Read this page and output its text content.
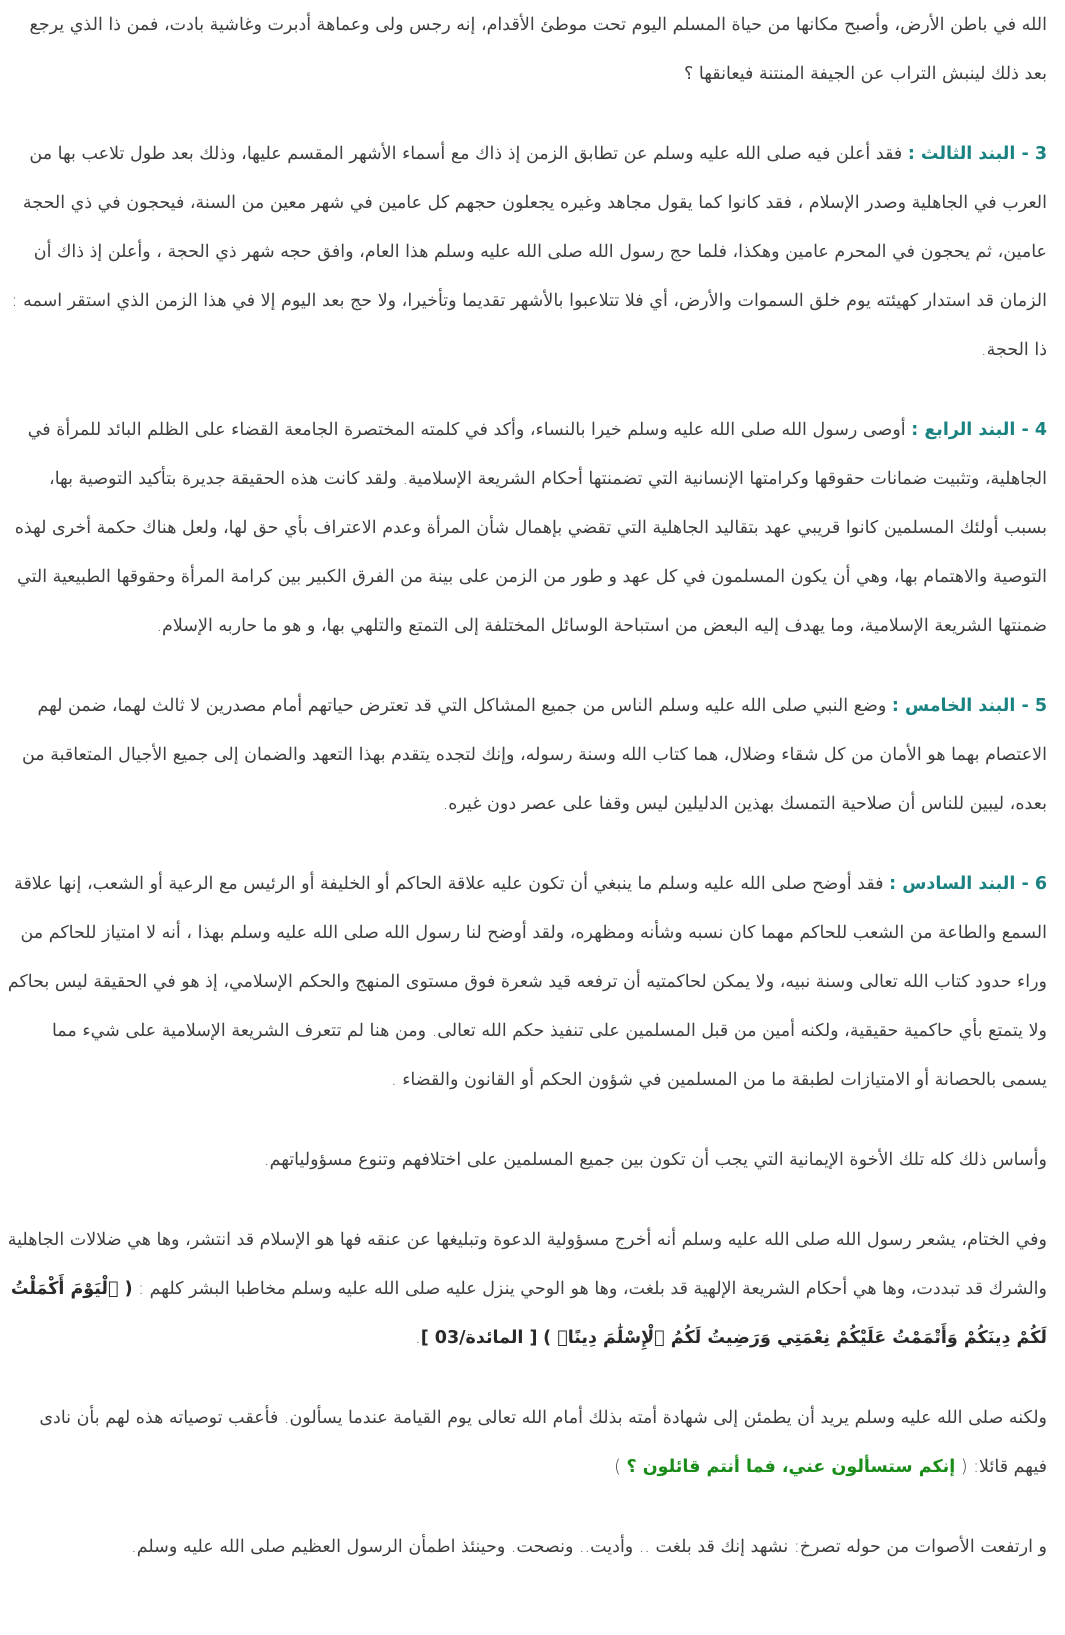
الله في باطن الأرض، وأصبح مكانها من حياة المسلم اليوم تحت موطئ الأقدام، إنه رجس ولى وعماهة أدبرت وغاشية بادت، فمن ذا الذي يرجع بعد ذلك لينبش التراب عن الجيفة المنتنة فيعانقها ؟

3 - البند الثالث : فقد أعلن فيه صلى الله عليه وسلم عن تطابق الزمن إذ ذاك مع أسماء الأشهر المقسم عليها، وذلك بعد طول تلاعب بها من العرب في الجاهلية وصدر الإسلام ، فقد كانوا كما يقول مجاهد وغيره يجعلون حجهم كل عامين في شهر معين من السنة، فيحجون في ذي الحجة عامين، ثم يحجون في المحرم عامين وهكذا، فلما حج رسول الله صلى الله عليه وسلم هذا العام، وافق حجه شهر ذي الحجة ، وأعلن إذ ذاك أن الزمان قد استدار كهيئته يوم خلق السموات والأرض، أي فلا تتلاعبوا بالأشهر تقديما وتأخيرا، ولا حج بعد اليوم إلا في هذا الزمن الذي استقر اسمه : ذا الحجة.

4 - البند الرابع : أوصى رسول الله صلى الله عليه وسلم خيرا بالنساء، وأكد في كلمته المختصرة الجامعة القضاء على الظلم البائد للمرأة في الجاهلية، وتثبيت ضمانات حقوقها وكرامتها الإنسانية التي تضمنتها أحكام الشريعة الإسلامية. ولقد كانت هذه الحقيقة جديرة بتأكيد التوصية بها، بسبب أولئك المسلمين كانوا قريبي عهد بتقاليد الجاهلية التي تقضي بإهمال شأن المرأة وعدم الاعتراف بأي حق لها، ولعل هناك حكمة أخرى لهذه التوصية والاهتمام بها، وهي أن يكون المسلمون في كل عهد و طور من الزمن على بينة من الفرق الكبير بين كرامة المرأة وحقوقها الطبيعية التي ضمنتها الشريعة الإسلامية، وما يهدف إليه البعض من استباحة الوسائل المختلفة إلى التمتع والتلهي بها، و هو ما حاربه الإسلام.

5 - البند الخامس : وضع النبي صلى الله عليه وسلم الناس من جميع المشاكل التي قد تعترض حياتهم أمام مصدرين لا ثالث لهما، ضمن لهم الاعتصام بهما هو الأمان من كل شقاء وضلال، هما كتاب الله وسنة رسوله، وإنك لتجده يتقدم بهذا التعهد والضمان إلى جميع الأجيال المتعاقبة من بعده، ليبين للناس أن صلاحية التمسك بهذين الدليلين ليس وقفا على عصر دون غيره.

6 - البند السادس : فقد أوضح صلى الله عليه وسلم ما ينبغي أن تكون عليه علاقة الحاكم أو الخليفة أو الرئيس مع الرعية أو الشعب، إنها علاقة السمع والطاعة من الشعب للحاكم مهما كان نسبه وشأنه ومظهره، ولقد أوضح لنا رسول الله صلى الله عليه وسلم بهذا ، أنه لا امتياز للحاكم من وراء حدود كتاب الله تعالى وسنة نبيه، ولا يمكن لحاكمتيه أن ترفعه قيد شعرة فوق مستوى المنهج والحكم الإسلامي، إذ هو في الحقيقة ليس بحاكم ولا يتمتع بأي حاكمية حقيقية، ولكنه أمين من قبل المسلمين على تنفيذ حكم الله تعالى. ومن هنا لم تتعرف الشريعة الإسلامية على شيء مما يسمى بالحصانة أو الامتيازات لطبقة ما من المسلمين في شؤون الحكم أو القانون والقضاء .

وأساس ذلك كله تلك الأخوة الإيمانية التي يجب أن تكون بين جميع المسلمين على اختلافهم وتنوع مسؤولياتهم.

وفي الختام، يشعر رسول الله صلى الله عليه وسلم أنه أخرج مسؤولية الدعوة وتبليغها عن عنقه فها هو الإسلام قد انتشر، وها هي ضلالات الجاهلية والشرك قد تبددت، وها هي أحكام الشريعة الإلهية قد بلغت، وها هو الوحي ينزل عليه صلى الله عليه وسلم مخاطبا البشر كلهم : ( ٱلْيَوْمَ أَكْمَلْتُ لَكُمْ دِينَكُمْ وَأَتْمَمْتُ عَلَيْكُمْ نِعْمَتِي وَرَضِيتُ لَكُمُ ٱلْإِسْلَٰمَ دِينًاۚ ) [ المائدة/03 ].

ولكنه صلى الله عليه وسلم يريد أن يطمئن إلى شهادة أمته بذلك أمام الله تعالى يوم القيامة عندما يسألون. فأعقب توصياته هذه لهم بأن نادى فيهم قائلا: ( إنكم ستسألون عني، فما أنتم قائلون ؟ )

و ارتفعت الأصوات من حوله تصرخ: نشهد إنك قد بلغت .. وأديت.. ونصحت. وحينئذ اطمأن الرسول العظيم صلى الله عليه وسلم.
